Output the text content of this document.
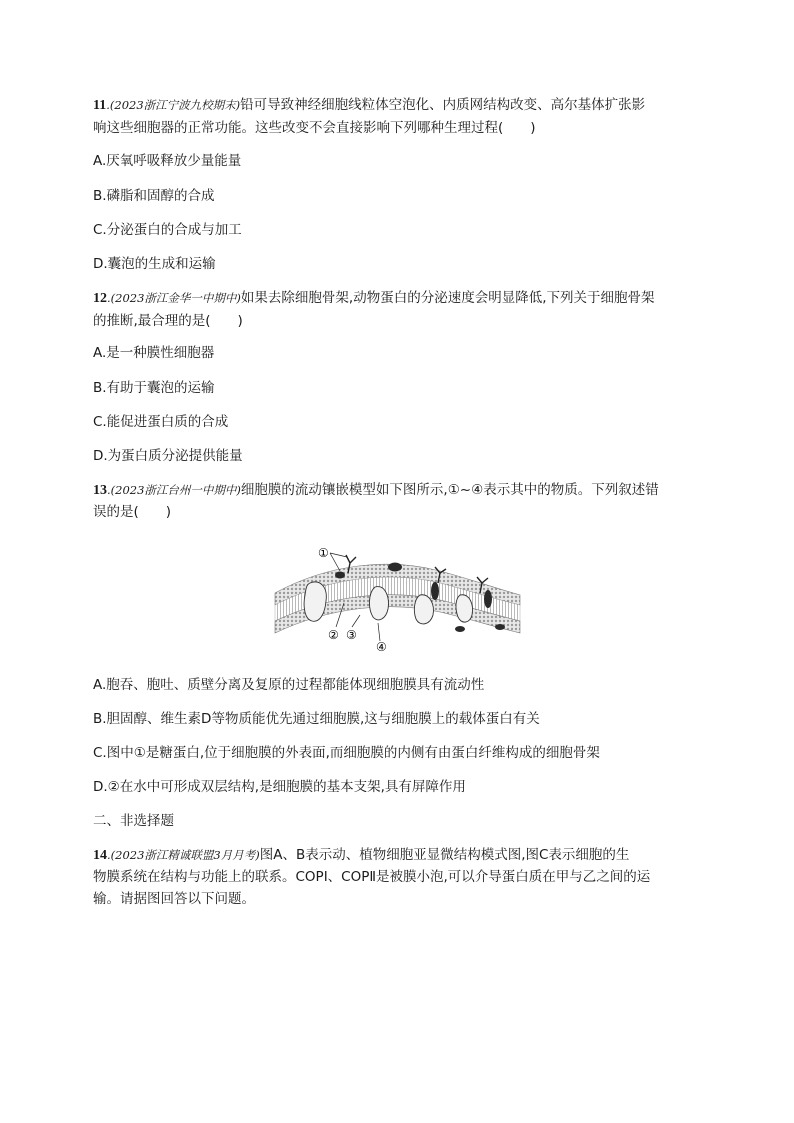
11.(2023浙江宁波九校期末)铅可导致神经细胞线粒体空泡化、内质网结构改变、高尔基体扩张影
响这些细胞器的正常功能。这些改变不会直接影响下列哪种生理过程(　　)
A.厌氧呼吸释放少量能量
B.磷脂和固醇的合成
C.分泌蛋白的合成与加工
D.囊泡的生成和运输
12.(2023浙江金华一中期中)如果去除细胞骨架,动物蛋白的分泌速度会明显降低,下列关于细胞骨架
的推断,最合理的是(　　)
A.是一种膜性细胞器
B.有助于囊泡的运输
C.能促进蛋白质的合成
D.为蛋白质分泌提供能量
13.(2023浙江台州一中期中)细胞膜的流动镶嵌模型如下图所示,①~④表示其中的物质。下列叙述错
误的是(　　)
①
② ③
④
A.胞吞、胞吐、质壁分离及复原的过程都能体现细胞膜具有流动性
B.胆固醇、维生素D等物质能优先通过细胞膜,这与细胞膜上的载体蛋白有关
C.图中①是糖蛋白,位于细胞膜的外表面,而细胞膜的内侧有由蛋白纤维构成的细胞骨架
D.②在水中可形成双层结构,是细胞膜的基本支架,具有屏障作用
二、非选择题
14.(2023浙江精诚联盟3月月考)图A、B表示动、植物细胞亚显微结构模式图,图C表示细胞的生
物膜系统在结构与功能上的联系。COPⅠ、COPⅡ是被膜小泡,可以介导蛋白质在甲与乙之间的运
输。请据图回答以下问题。
